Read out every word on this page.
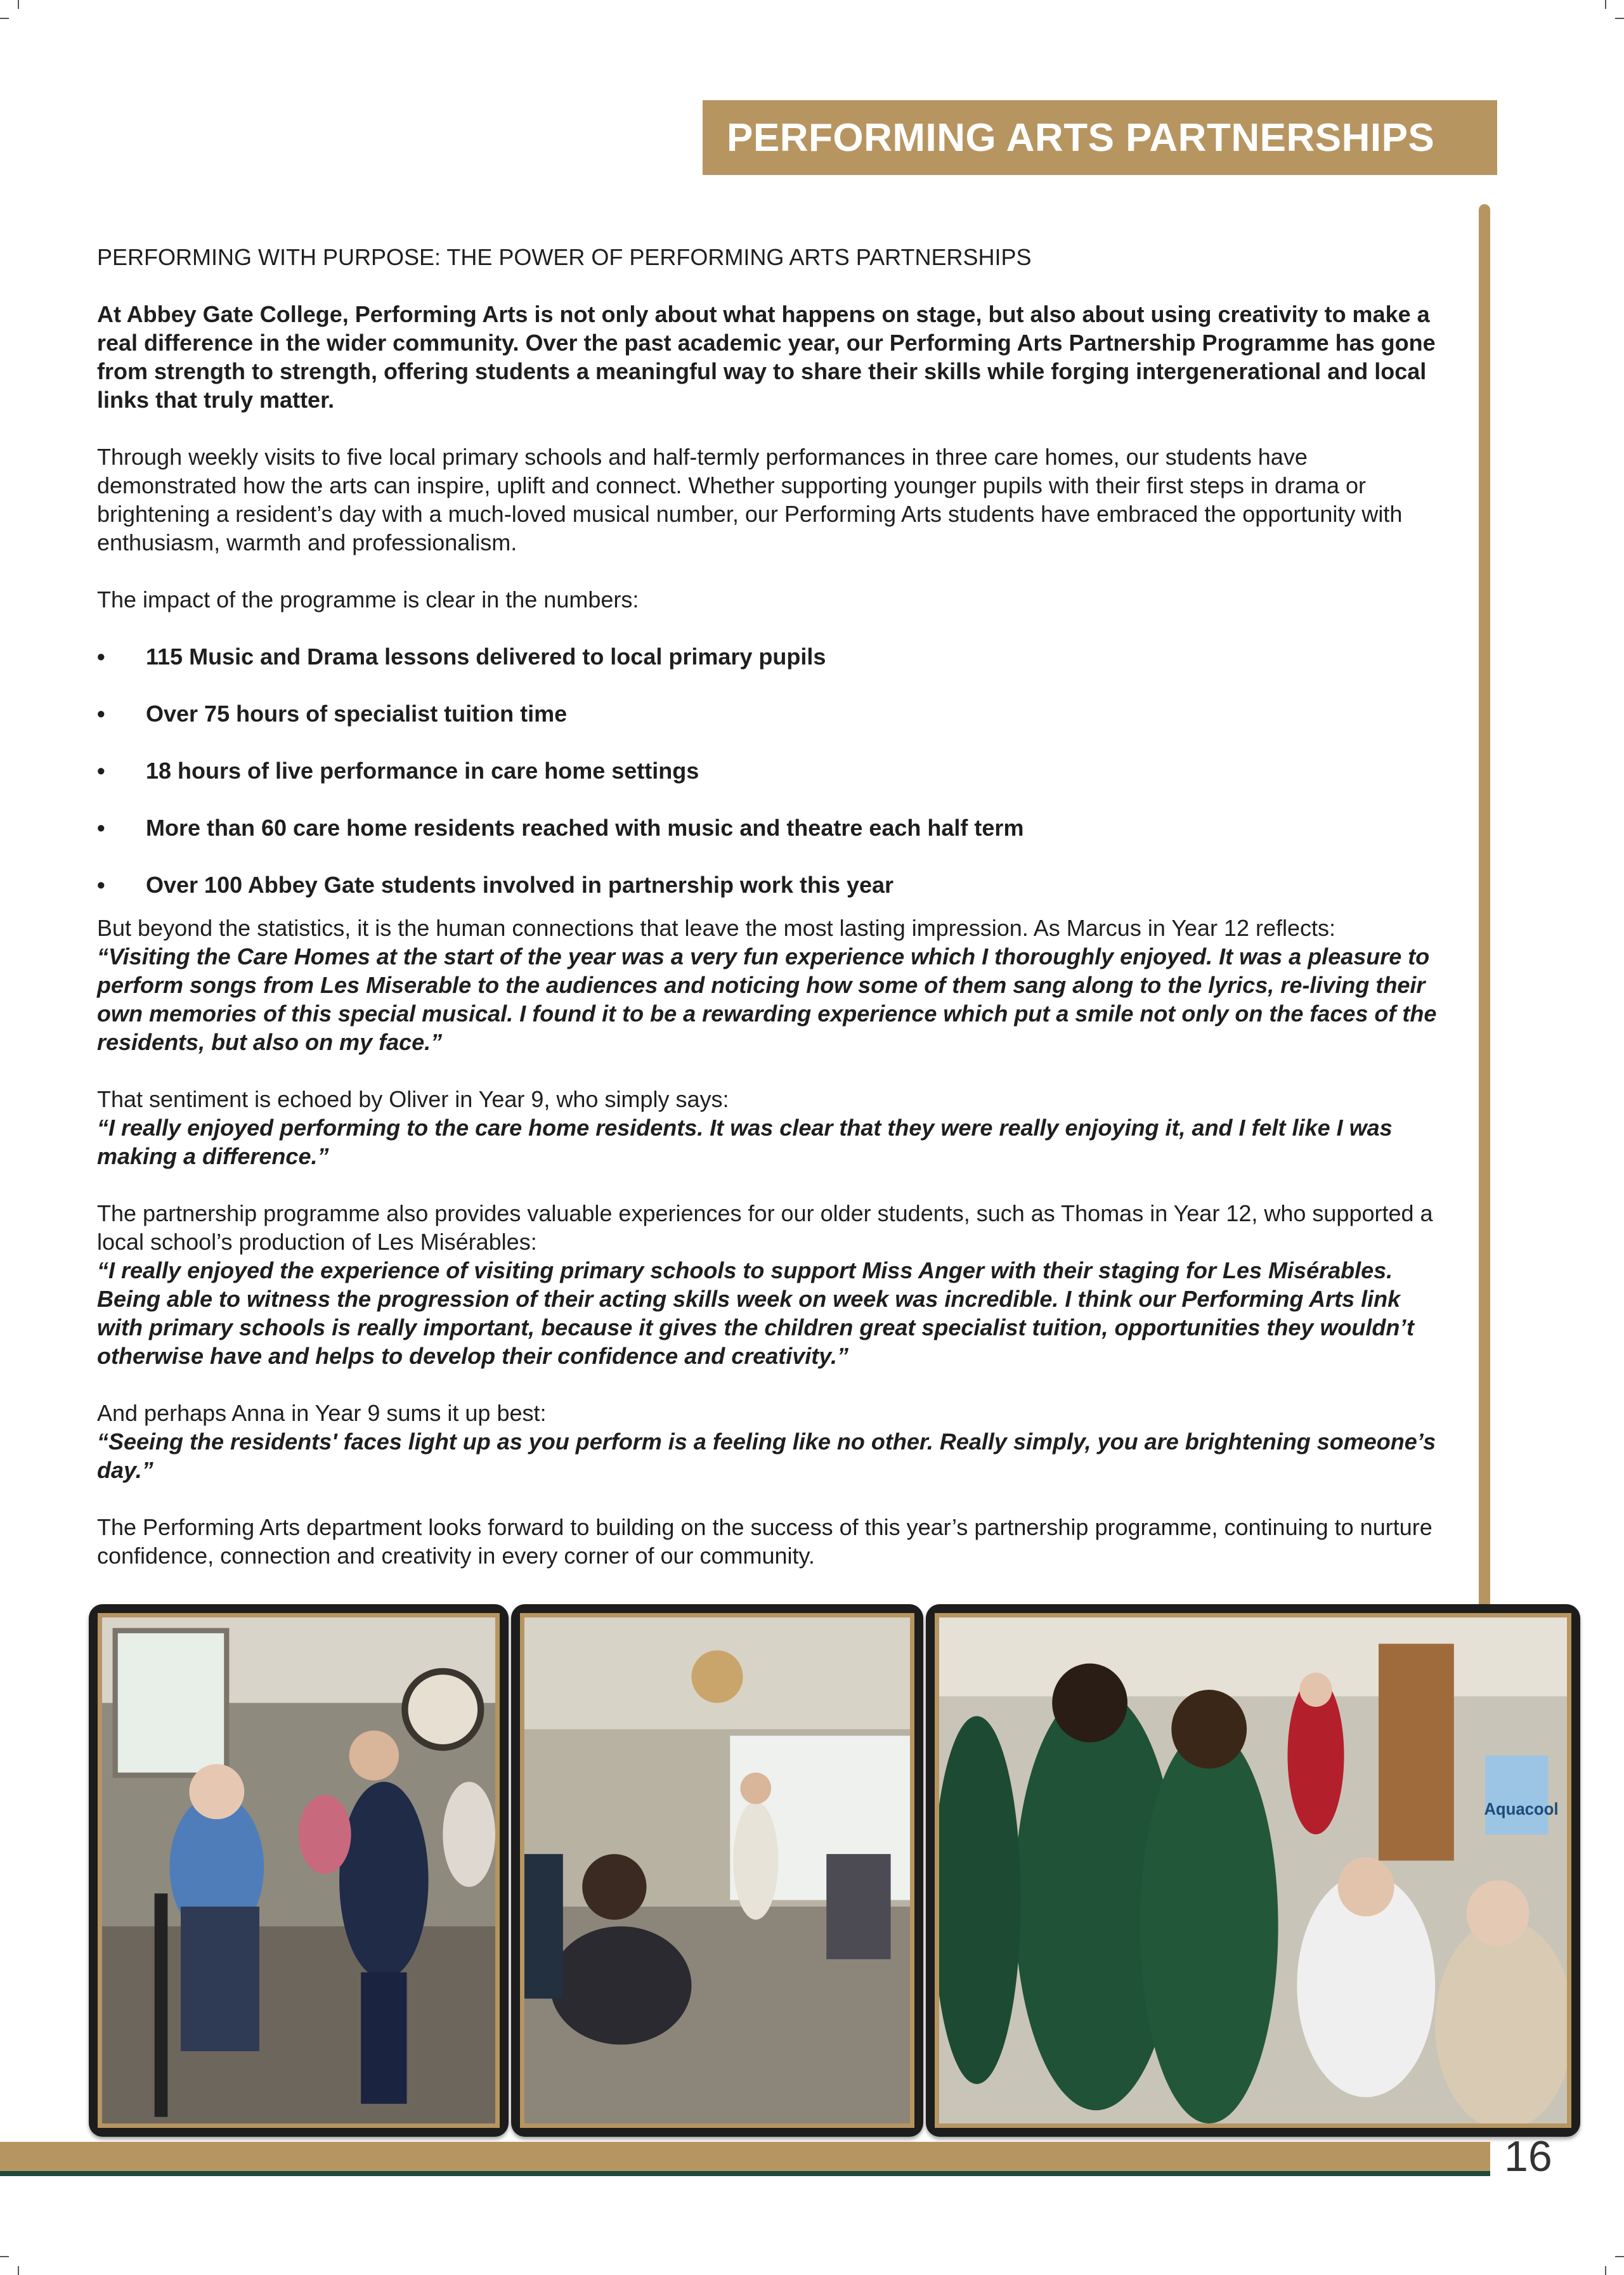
PERFORMING ARTS PARTNERSHIPS

PERFORMING WITH PURPOSE: THE POWER OF PERFORMING ARTS PARTNERSHIPS

At Abbey Gate College, Performing Arts is not only about what happens on stage, but also about using creativity to make a real difference in the wider community. Over the past academic year, our Performing Arts Partnership Programme has gone from strength to strength, offering students a meaningful way to share their skills while forging intergenerational and local links that truly matter.

Through weekly visits to five local primary schools and half-termly performances in three care homes, our students have demonstrated how the arts can inspire, uplift and connect. Whether supporting younger pupils with their first steps in drama or brightening a resident’s day with a much-loved musical number, our Performing Arts students have embraced the opportunity with enthusiasm, warmth and professionalism.

The impact of the programme is clear in the numbers:

• 115 Music and Drama lessons delivered to local primary pupils
• Over 75 hours of specialist tuition time
• 18 hours of live performance in care home settings
• More than 60 care home residents reached with music and theatre each half term
• Over 100 Abbey Gate students involved in partnership work this year

But beyond the statistics, it is the human connections that leave the most lasting impression. As Marcus in Year 12 reflects:
“Visiting the Care Homes at the start of the year was a very fun experience which I thoroughly enjoyed. It was a pleasure to perform songs from Les Miserable to the audiences and noticing how some of them sang along to the lyrics, re-living their own memories of this special musical. I found it to be a rewarding experience which put a smile not only on the faces of the residents, but also on my face.”

That sentiment is echoed by Oliver in Year 9, who simply says:
“I really enjoyed performing to the care home residents. It was clear that they were really enjoying it, and I felt like I was making a difference.”

The partnership programme also provides valuable experiences for our older students, such as Thomas in Year 12, who supported a local school’s production of Les Misérables:
“I really enjoyed the experience of visiting primary schools to support Miss Anger with their staging for Les Misérables. Being able to witness the progression of their acting skills week on week was incredible. I think our Performing Arts link with primary schools is really important, because it gives the children great specialist tuition, opportunities they wouldn’t otherwise have and helps to develop their confidence and creativity.”

And perhaps Anna in Year 9 sums it up best:
“Seeing the residents' faces light up as you perform is a feeling like no other. Really simply, you are brightening someone’s day.”

The Performing Arts department looks forward to building on the success of this year’s partnership programme, continuing to nurture confidence, connection and creativity in every corner of our community.

Aquacool
16
